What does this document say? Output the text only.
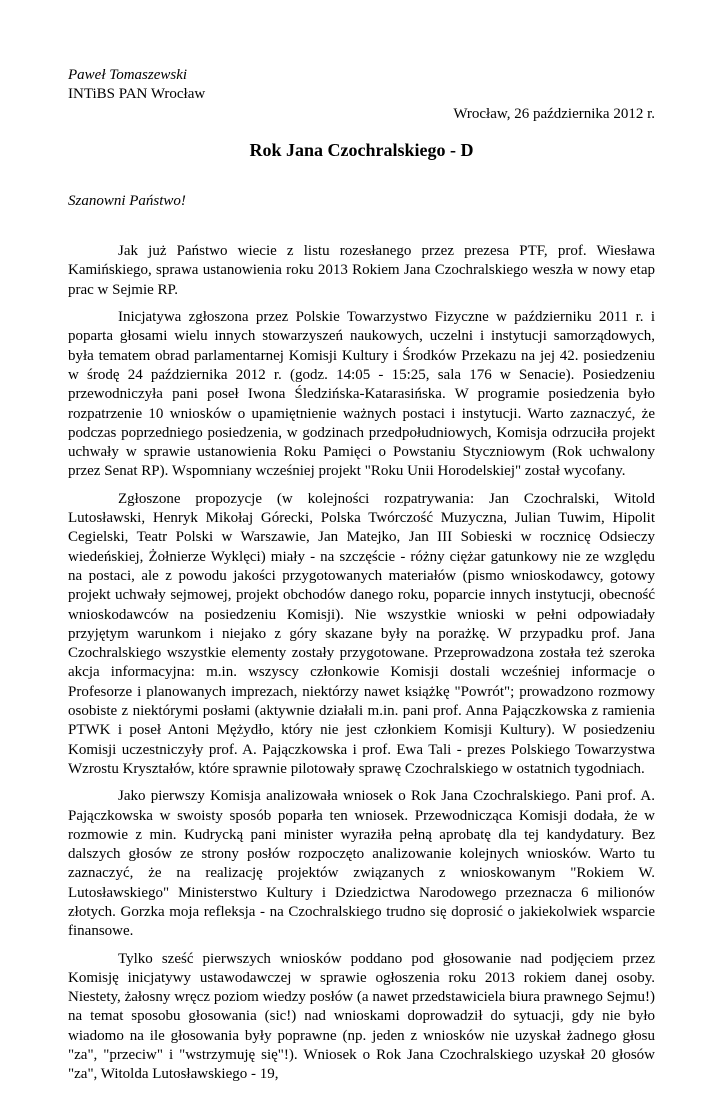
Paweł Tomaszewski

INTiBS PAN Wrocław

Wrocław, 26 października 2012 r.

Rok Jana Czochralskiego - D

Szanowni Państwo!

Jak już Państwo wiecie z listu rozesłanego przez prezesa PTF, prof. Wiesława Kamińskiego, sprawa ustanowienia roku 2013 Rokiem Jana Czochralskiego weszła w nowy etap prac w Sejmie RP.

Inicjatywa zgłoszona przez Polskie Towarzystwo Fizyczne w październiku 2011 r. i poparta głosami wielu innych stowarzyszeń naukowych, uczelni i instytucji samorządowych, była tematem obrad parlamentarnej Komisji Kultury i Środków Przekazu na jej 42. posiedzeniu w środę 24 października 2012 r. (godz. 14:05 - 15:25, sala 176 w Senacie). Posiedzeniu przewodniczyła pani poseł Iwona Śledzińska-Katarasińska. W programie posiedzenia było rozpatrzenie 10 wniosków o upamiętnienie ważnych postaci i instytucji. Warto zaznaczyć, że podczas poprzedniego posiedzenia, w godzinach przedpołudniowych, Komisja odrzuciła projekt uchwały w sprawie ustanowienia Roku Pamięci o Powstaniu Styczniowym (Rok uchwalony przez Senat RP). Wspomniany wcześniej projekt "Roku Unii Horodelskiej" został wycofany.

Zgłoszone propozycje (w kolejności rozpatrywania: Jan Czochralski, Witold Lutosławski, Henryk Mikołaj Górecki, Polska Twórczość Muzyczna, Julian Tuwim, Hipolit Cegielski, Teatr Polski w Warszawie, Jan Matejko, Jan III Sobieski w rocznicę Odsieczy wiedeńskiej, Żołnierze Wyklęci) miały - na szczęście - różny ciężar gatunkowy nie ze względu na postaci, ale z powodu jakości przygotowanych materiałów (pismo wnioskodawcy, gotowy projekt uchwały sejmowej, projekt obchodów danego roku, poparcie innych instytucji, obecność wnioskodawców na posiedzeniu Komisji). Nie wszystkie wnioski w pełni odpowiadały przyjętym warunkom i niejako z góry skazane były na porażkę. W przypadku prof. Jana Czochralskiego wszystkie elementy zostały przygotowane. Przeprowadzona została też szeroka akcja informacyjna: m.in. wszyscy członkowie Komisji dostali wcześniej informacje o Profesorze i planowanych imprezach, niektórzy nawet książkę "Powrót"; prowadzono rozmowy osobiste z niektórymi posłami (aktywnie działali m.in. pani prof. Anna Pajączkowska z ramienia PTWK i poseł Antoni Mężydło, który nie jest członkiem Komisji Kultury). W posiedzeniu Komisji uczestniczyły prof. A. Pajączkowska i prof. Ewa Tali - prezes Polskiego Towarzystwa Wzrostu Kryształów, które sprawnie pilotowały sprawę Czochralskiego w ostatnich tygodniach.

Jako pierwszy Komisja analizowała wniosek o Rok Jana Czochralskiego. Pani prof. A. Pajączkowska w swoisty sposób poparła ten wniosek. Przewodnicząca Komisji dodała, że w rozmowie z min. Kudrycką pani minister wyraziła pełną aprobatę dla tej kandydatury. Bez dalszych głosów ze strony posłów rozpoczęto analizowanie kolejnych wniosków. Warto tu zaznaczyć, że na realizację projektów związanych z wnioskowanym "Rokiem W. Lutosławskiego" Ministerstwo Kultury i Dziedzictwa Narodowego przeznacza 6 milionów złotych. Gorzka moja refleksja - na Czochralskiego trudno się doprosić o jakiekolwiek wsparcie finansowe.

Tylko sześć pierwszych wniosków poddano pod głosowanie nad podjęciem przez Komisję inicjatywy ustawodawczej w sprawie ogłoszenia roku 2013 rokiem danej osoby. Niestety, żałosny wręcz poziom wiedzy posłów (a nawet przedstawiciela biura prawnego Sejmu!) na temat sposobu głosowania (sic!) nad wnioskami doprowadził do sytuacji, gdy nie było wiadomo na ile głosowania były poprawne (np. jeden z wniosków nie uzyskał żadnego głosu "za", "przeciw" i "wstrzymuję się"!). Wniosek o Rok Jana Czochralskiego uzyskał 20 głosów "za", Witolda Lutosławskiego - 19,
